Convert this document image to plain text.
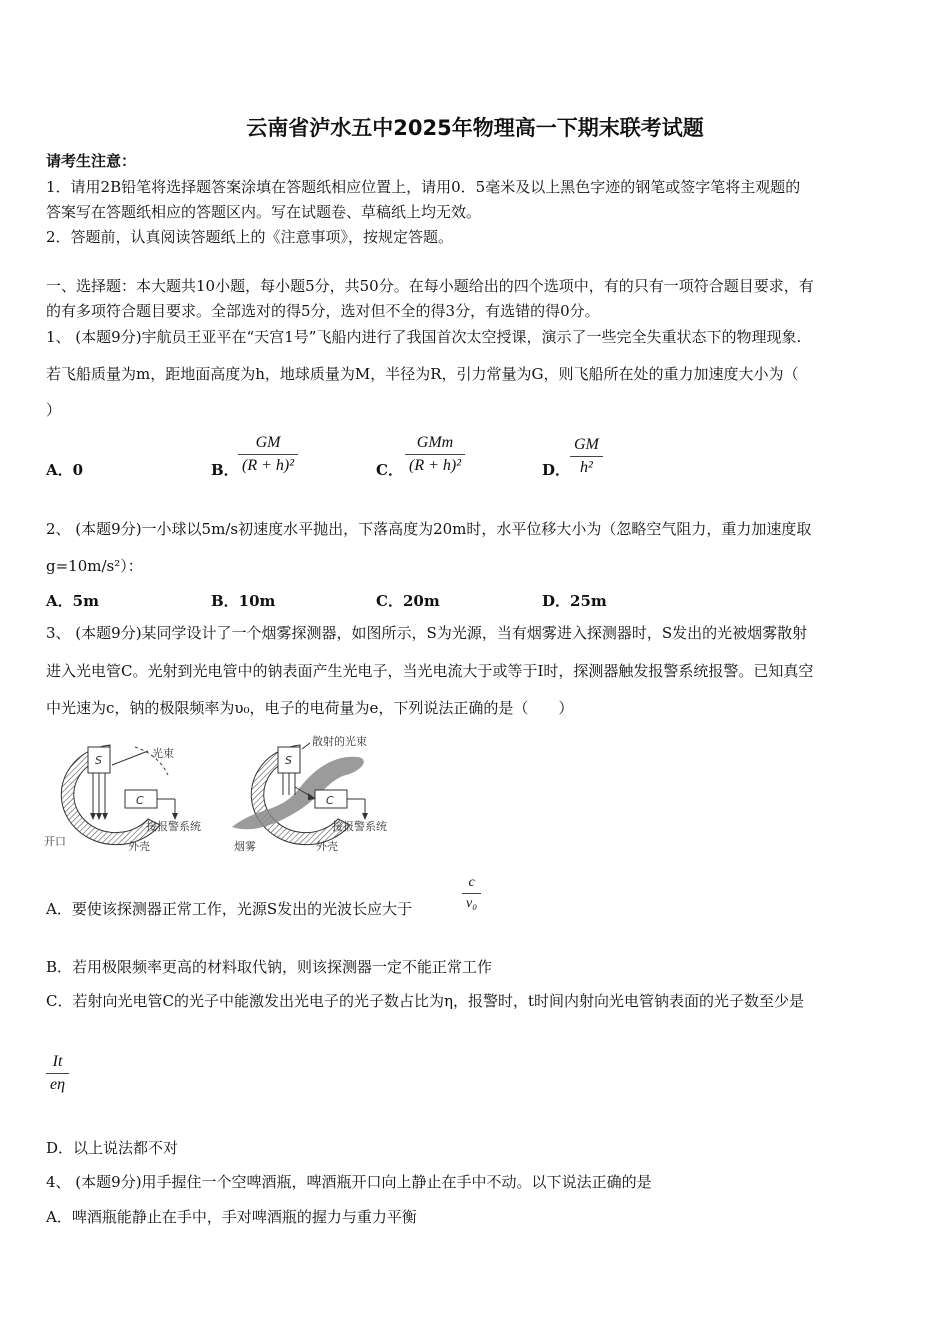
云南省泸水五中2025年物理高一下期末联考试题
请考生注意：
1．请用2B铅笔将选择题答案涂填在答题纸相应位置上，请用0．5毫米及以上黑色字迹的钢笔或签字笔将主观题的
答案写在答题纸相应的答题区内。写在试题卷、草稿纸上均无效。
2．答题前，认真阅读答题纸上的《注意事项》，按规定答题。
一、选择题：本大题共10小题，每小题5分，共50分。在每小题给出的四个选项中，有的只有一项符合题目要求，有
的有多项符合题目要求。全部选对的得5分，选对但不全的得3分，有选错的得0分。
1、 (本题9分)宇航员王亚平在“天宫1号”飞船内进行了我国首次太空授课，演示了一些完全失重状态下的物理现象.
若飞船质量为m，距地面高度为h，地球质量为M，半径为R，引力常量为G，则飞船所在处的重力加速度大小为（
）
A．0	B．
GM
(R + h)²	C．
GMm
(R + h)²	D．
GM
h²
2、 (本题9分)一小球以5m/s初速度水平抛出，下落高度为20m时，水平位移大小为（忽略空气阻力，重力加速度取
g=10m/s²）：
A．5m	B．10m	C．20m	D．25m
3、 (本题9分)某同学设计了一个烟雾探测器，如图所示，S为光源，当有烟雾进入探测器时，S发出的光被烟雾散射
进入光电管C。光射到光电管中的钠表面产生光电子，当光电流大于或等于I时，探测器触发报警系统报警。已知真空
中光速为c，钠的极限频率为υ₀，电子的电荷量为e，下列说法正确的是（　　）
S
光束
C
接报警系统
开口	外壳
S
散射的光束
C
接报警系统
烟雾	外壳
A．要使该探测器正常工作，光源S发出的光波长应大于
c
v₀
B．若用极限频率更高的材料取代钠，则该探测器一定不能正常工作
C．若射向光电管C的光子中能激发出光电子的光子数占比为η，报警时，t时间内射向光电管钠表面的光子数至少是
It
eη
D．以上说法都不对
4、 (本题9分)用手握住一个空啤酒瓶，啤酒瓶开口向上静止在手中不动。以下说法正确的是
A．啤酒瓶能静止在手中，手对啤酒瓶的握力与重力平衡
